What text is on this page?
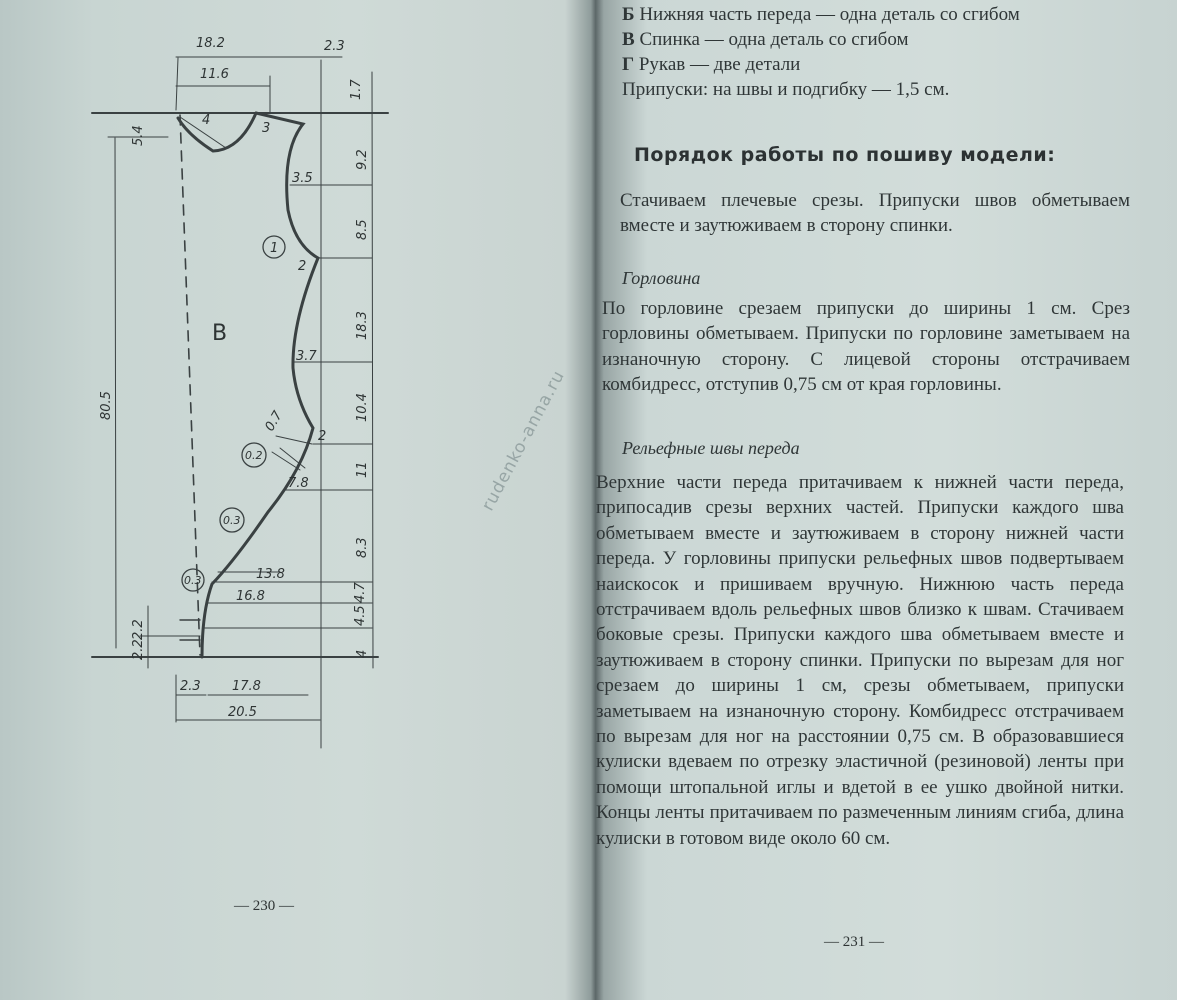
18.2	2.3
11.6
1.7
5.4
9.2
3.5
8.5
18.3
3.7
10.4
11
7.8
8.3
13.8
16.8
4.5
4.7
2.2
2.2	4
2.3 17.8
20.5
80.5
0.7
2
4
3
1
2
0.2
0.3
0.3
В
— 230 —
Б Нижняя часть переда — одна деталь со сгибом
В Спинка — одна деталь со сгибом
Г Рукав — две детали
Припуски: на швы и подгибку — 1,5 см.
Порядок работы по пошиву модели:
Стачиваем плечевые срезы. Припуски швов обметываем вместе и заутюживаем в сторону спинки.
Горловина
По горловине срезаем припуски до ширины 1 см. Срез горловины обметываем. Припуски по горловине заметываем на изнаночную сторону. С лицевой стороны отстрачиваем комбидресс, отступив 0,75 см от края горловины.
Рельефные швы переда
Верхние части переда притачиваем к нижней части переда, припосадив срезы верхних частей. Припуски каждого шва обметываем вместе и заутюживаем в сторону нижней части переда. У горловины припуски рельефных швов подвертываем наискосок и пришиваем вручную. Нижнюю часть переда отстрачиваем вдоль рельефных швов близко к швам. Стачиваем боковые срезы. Припуски каждого шва обметываем вместе и заутюживаем в сторону спинки. Припуски по вырезам для ног срезаем до ширины 1 см, срезы обметываем, припуски заметываем на изнаночную сторону. Комбидресс отстрачиваем по вырезам для ног на расстоянии 0,75 см. В образовавшиеся кулиски вдеваем по отрезку эластичной (резиновой) ленты при помощи штопальной иглы и вдетой в ее ушко двойной нитки. Концы ленты притачиваем по размеченным линиям сгиба, длина кулиски в готовом виде около 60 см.
— 231 —
rudenko-anna.ru
